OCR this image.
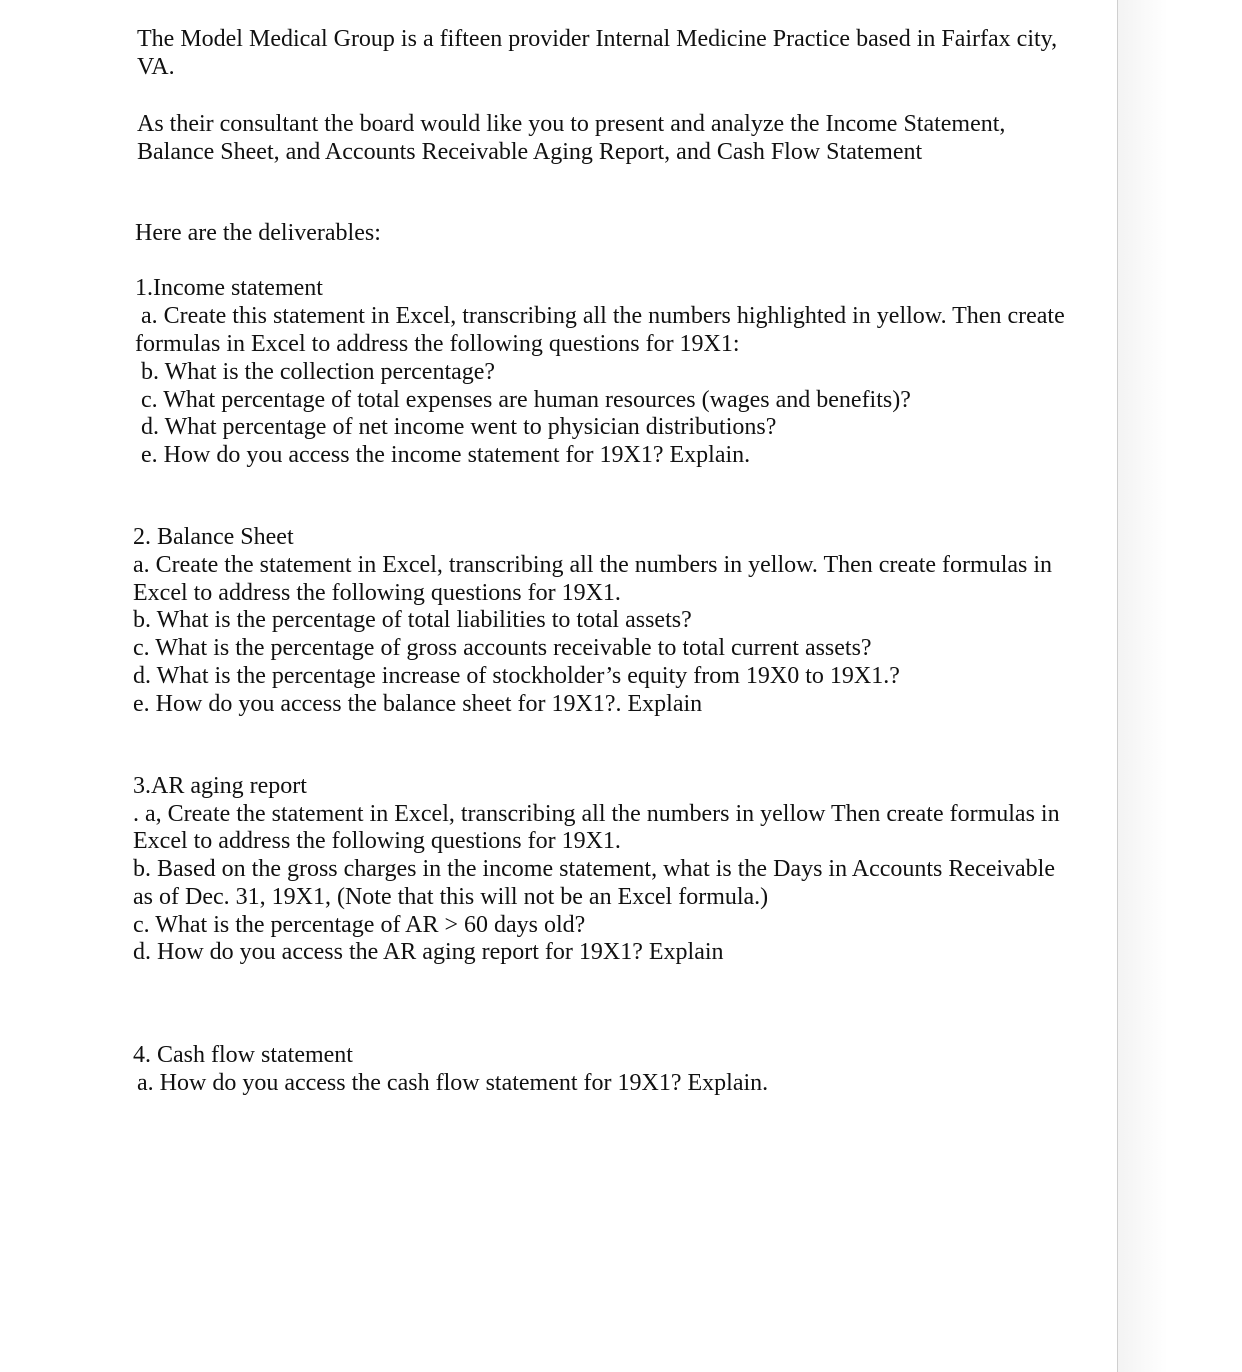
The Model Medical Group is a fifteen provider Internal Medicine Practice based in Fairfax city,
VA.
As their consultant the board would like you to present and analyze the Income Statement,
Balance Sheet, and Accounts Receivable Aging Report, and Cash Flow Statement
Here are the deliverables:
1.Income statement
a. Create this statement in Excel, transcribing all the numbers highlighted in yellow. Then create
formulas in Excel to address the following questions for 19X1:
b. What is the collection percentage?
c. What percentage of total expenses are human resources (wages and benefits)?
d. What percentage of net income went to physician distributions?
e. How do you access the income statement for 19X1? Explain.
2. Balance Sheet
a. Create the statement in Excel, transcribing all the numbers in yellow. Then create formulas in
Excel to address the following questions for 19X1.
b. What is the percentage of total liabilities to total assets?
c. What is the percentage of gross accounts receivable to total current assets?
d. What is the percentage increase of stockholder’s equity from 19X0 to 19X1.?
e. How do you access the balance sheet for 19X1?. Explain
3.AR aging report
. a, Create the statement in Excel, transcribing all the numbers in yellow Then create formulas in
Excel to address the following questions for 19X1.
b. Based on the gross charges in the income statement, what is the Days in Accounts Receivable
as of Dec. 31, 19X1, (Note that this will not be an Excel formula.)
c. What is the percentage of AR > 60 days old?
d. How do you access the AR aging report for 19X1? Explain
4. Cash flow statement
a. How do you access the cash flow statement for 19X1? Explain.
